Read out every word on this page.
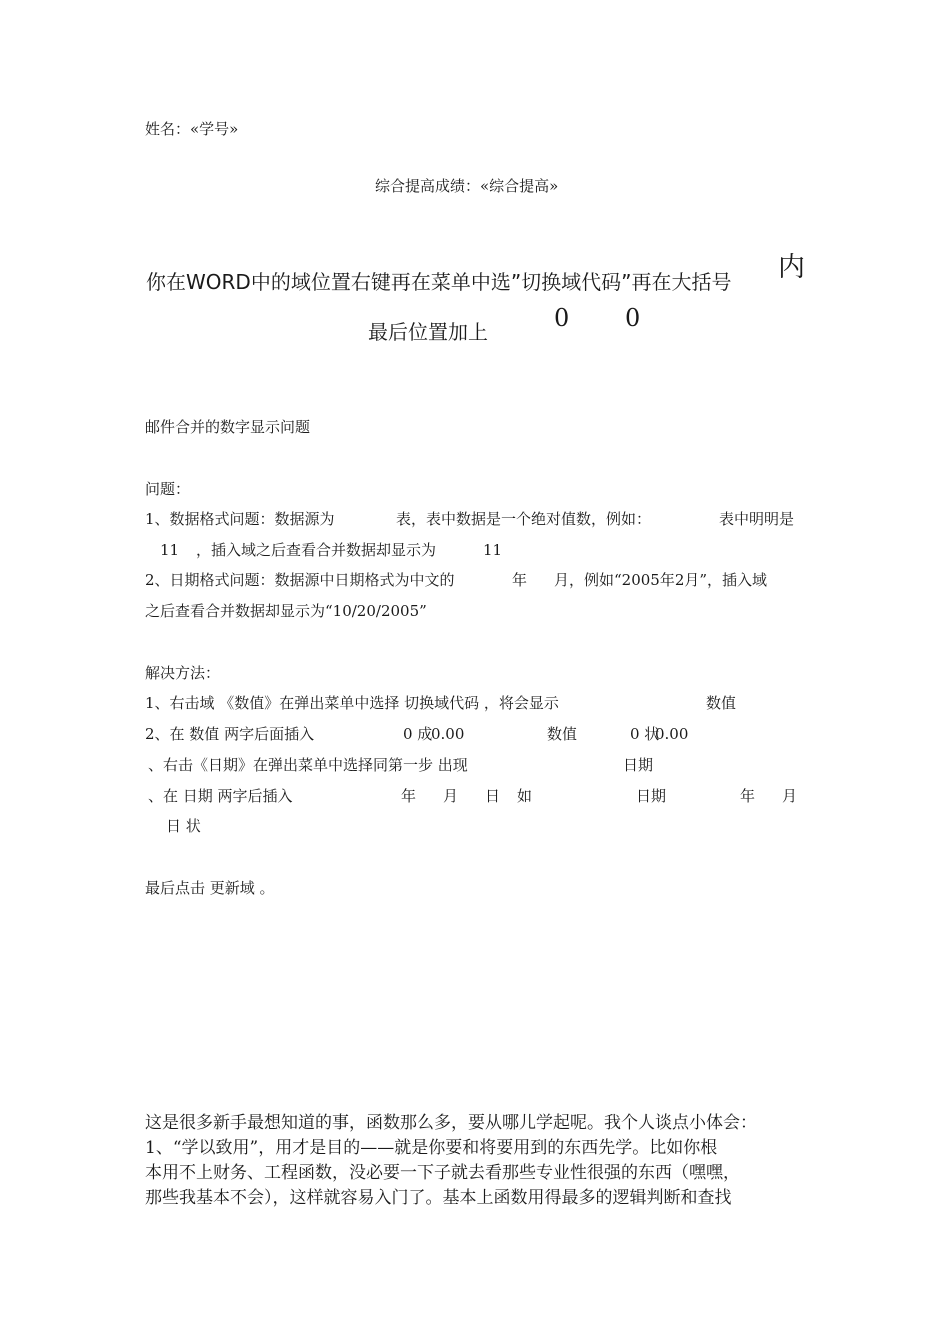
姓名：«学号»
综合提高成绩：«综合提高»
你在WORD中的域位置右键再在菜单中选”切换域代码”再在大括号 内
最后位置加上	0 0
邮件合并的数字显示问题
问题：
1、数据格式问题：数据源为	表，表中数据是一个绝对值数，例如：	表中明明是
11 ，插入域之后查看合并数据却显示为	11
2、日期格式问题：数据源中日期格式为中文的	年 月，例如“2005年2月”，插入域
之后查看合并数据却显示为“10/20/2005”
解决方法：
1、右击域 《数值》在弹出菜单中选择 切换域代码 ，将会显示	数值
2、在 数值 两字后面插入	0 成
0.00	数值	0 状
0.00
、右击《日期》在弹出菜单中选择同第一步 出现	日期
、在 日期 两字后插入	年 月 日 如	日期	年 月
日 状
最后点击 更新域 。
这是很多新手最想知道的事，函数那么多，要从哪儿学起呢。我个人谈点小体会：
1、“学以致用”，用才是目的——就是你要和将要用到的东西先学。比如你根
本用不上财务、工程函数，没必要一下子就去看那些专业性很强的东西（嘿嘿，
那些我基本不会），这样就容易入门了。基本上函数用得最多的逻辑判断和查找
